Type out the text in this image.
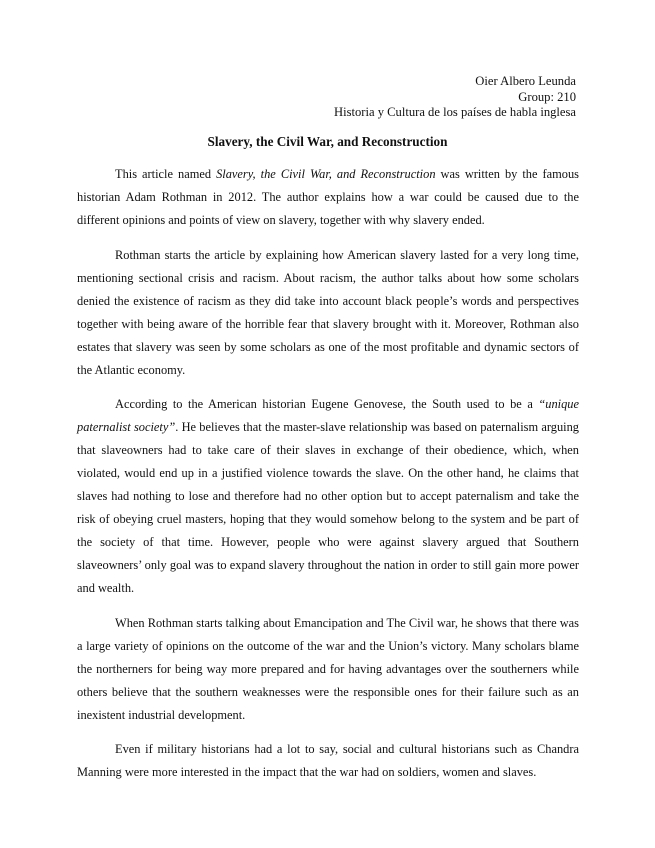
Oier Albero Leunda
Group: 210
Historia y Cultura de los países de habla inglesa
Slavery, the Civil War, and Reconstruction

This article named Slavery, the Civil War, and Reconstruction was written by the famous historian Adam Rothman in 2012. The author explains how a war could be caused due to the different opinions and points of view on slavery, together with why slavery ended.

Rothman starts the article by explaining how American slavery lasted for a very long time, mentioning sectional crisis and racism. About racism, the author talks about how some scholars denied the existence of racism as they did take into account black people’s words and perspectives together with being aware of the horrible fear that slavery brought with it. Moreover, Rothman also estates that slavery was seen by some scholars as one of the most profitable and dynamic sectors of the Atlantic economy.

According to the American historian Eugene Genovese, the South used to be a “unique paternalist society”. He believes that the master-slave relationship was based on paternalism arguing that slaveowners had to take care of their slaves in exchange of their obedience, which, when violated, would end up in a justified violence towards the slave. On the other hand, he claims that slaves had nothing to lose and therefore had no other option but to accept paternalism and take the risk of obeying cruel masters, hoping that they would somehow belong to the system and be part of the society of that time. However, people who were against slavery argued that Southern slaveowners’ only goal was to expand slavery throughout the nation in order to still gain more power and wealth.

When Rothman starts talking about Emancipation and The Civil war, he shows that there was a large variety of opinions on the outcome of the war and the Union’s victory. Many scholars blame the northerners for being way more prepared and for having advantages over the southerners while others believe that the southern weaknesses were the responsible ones for their failure such as an inexistent industrial development.

Even if military historians had a lot to say, social and cultural historians such as Chandra Manning were more interested in the impact that the war had on soldiers, women and slaves.
